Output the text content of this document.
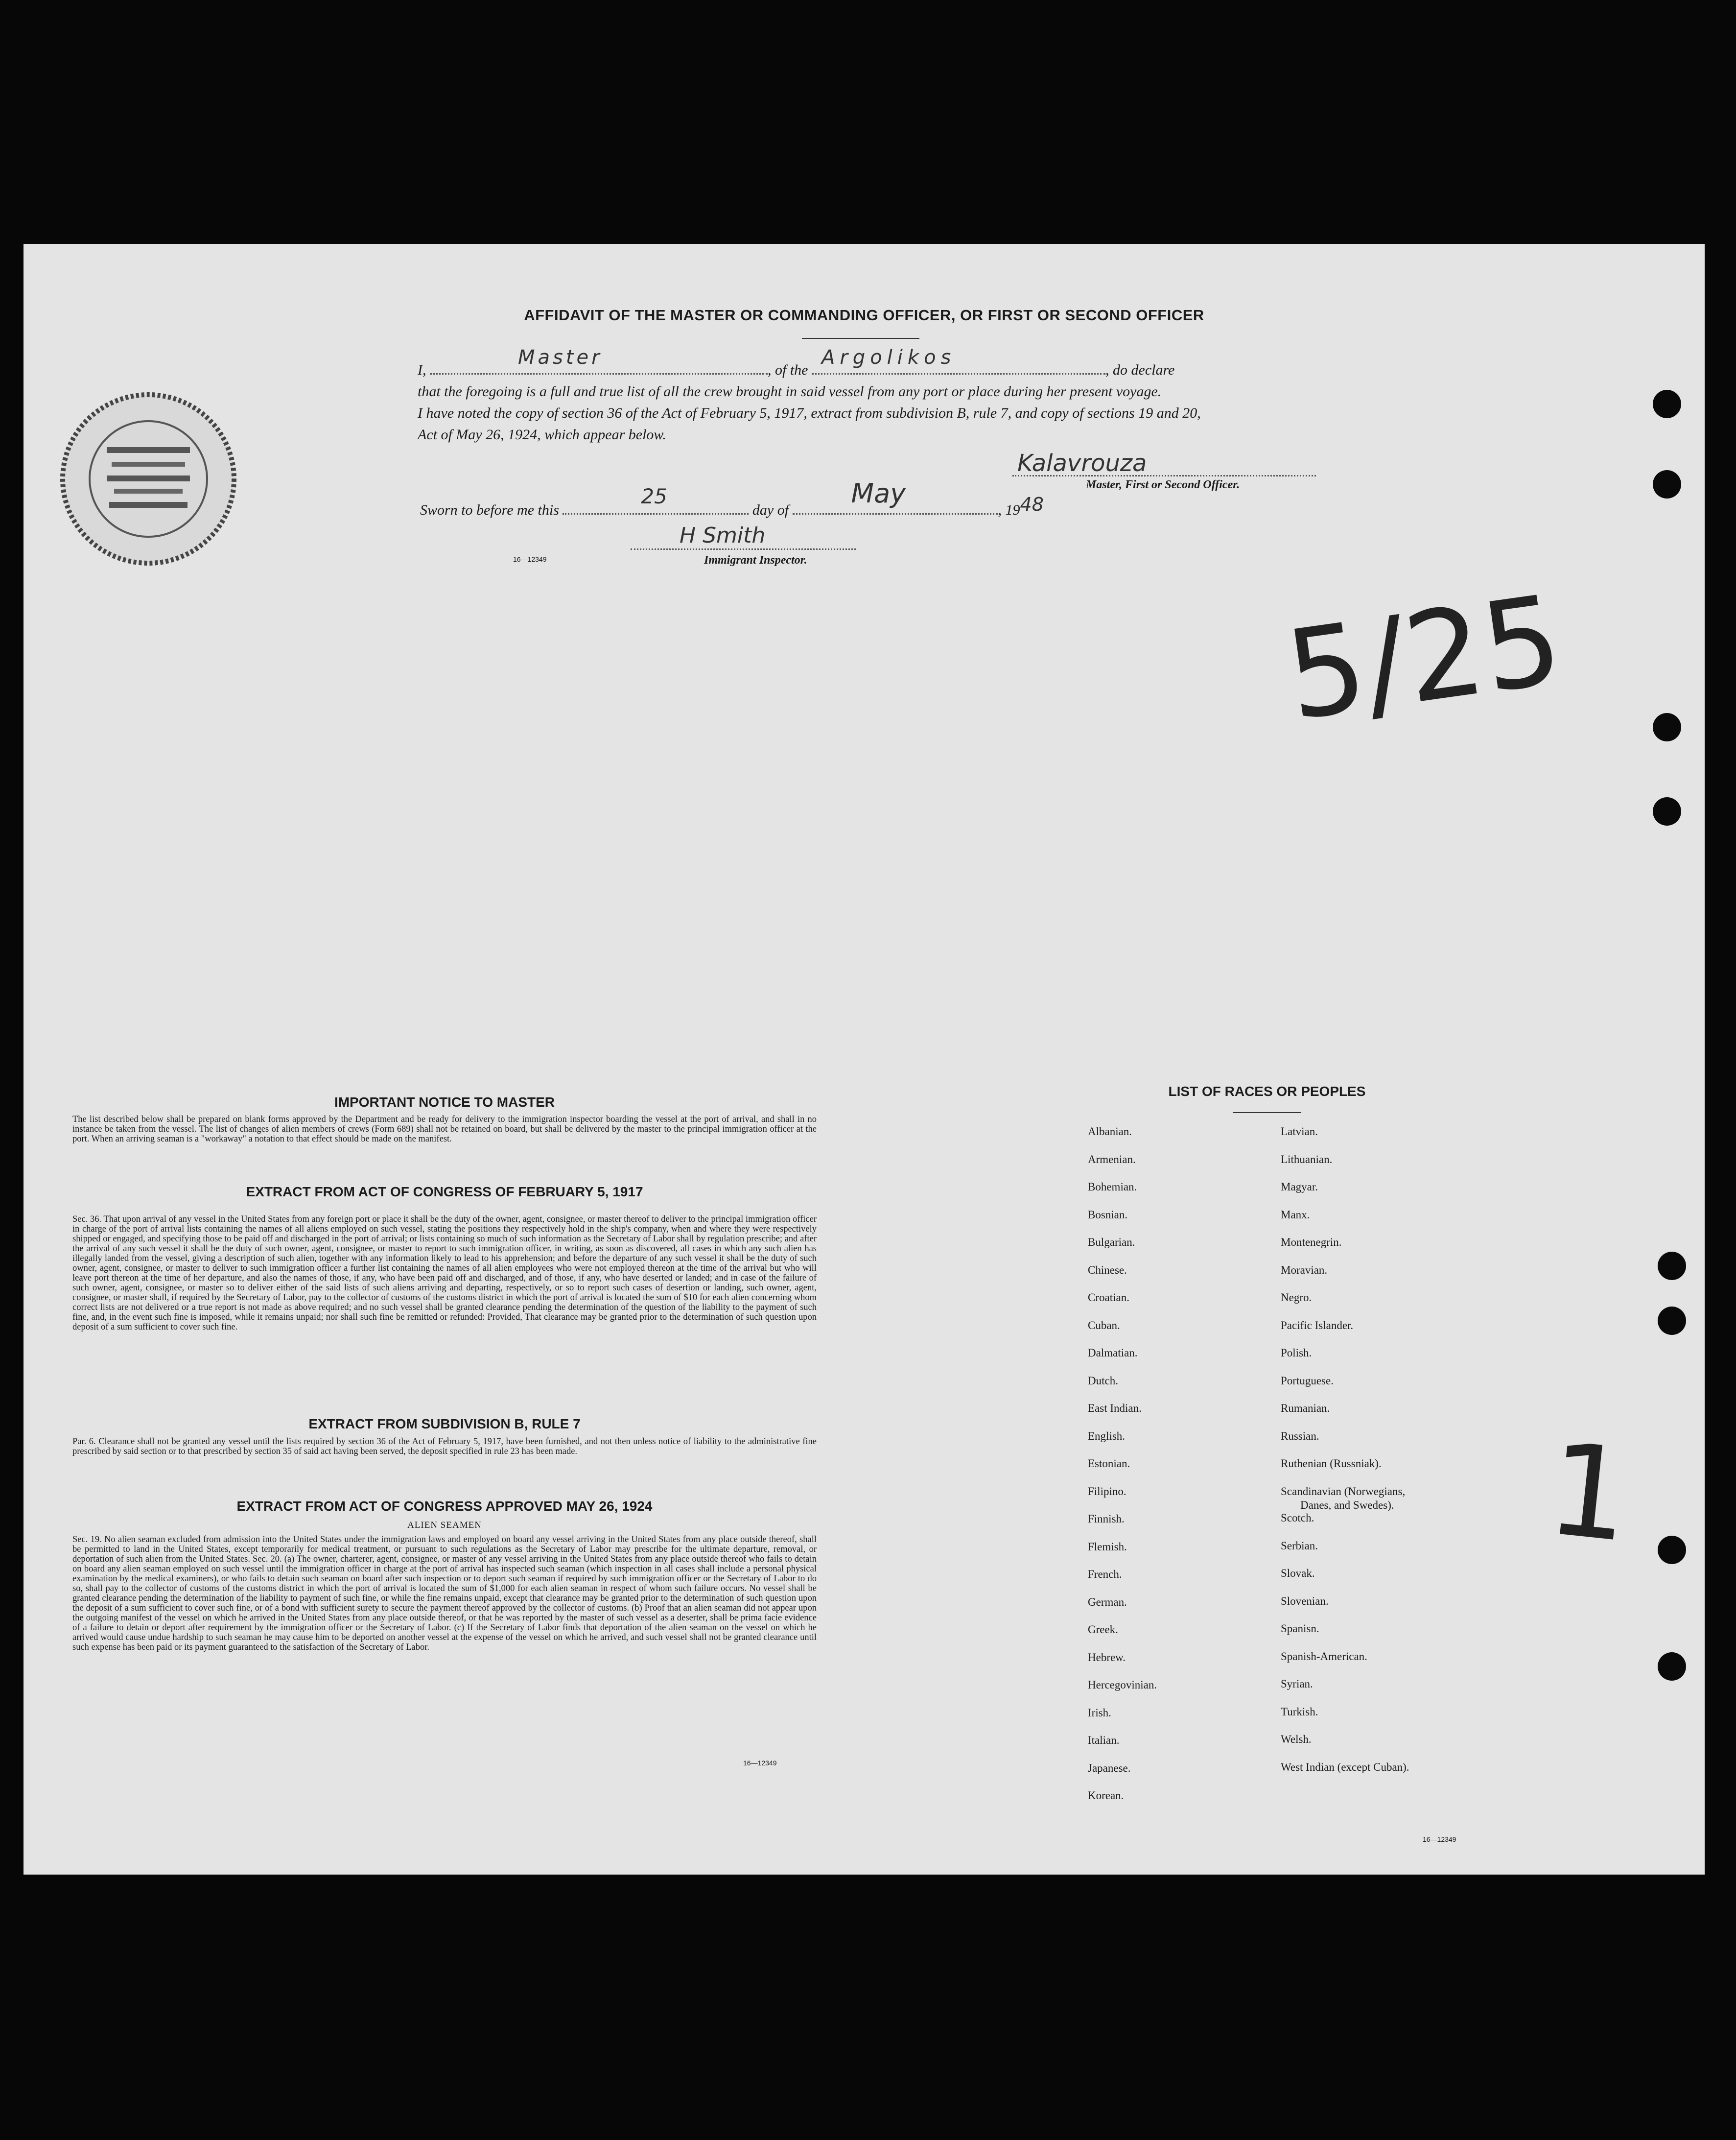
AFFIDAVIT OF THE MASTER OR COMMANDING OFFICER, OR FIRST OR SECOND OFFICER
I,
Master
, of the
Argolikos
, do declare
that the foregoing is a full and true list of all the crew brought in said vessel from any port or place during her present voyage.
I have noted the copy of section 36 of the Act of February 5, 1917, extract from subdivision B, rule 7, and copy of sections 19 and 20,
Act of May 26, 1924, which appear below.
Kalavrouza
Master, First or Second Officer.
Sworn to before me this
25
day of
May
, 1948
H Smith
16—12349	Immigrant Inspector.
5/25
1
IMPORTANT NOTICE TO MASTER
The list described below shall be prepared on blank forms approved by the Department and be ready for delivery to the immigration inspector boarding the vessel at the port of arrival, and shall in no instance be taken from the vessel. The list of changes of alien members of crews (Form 689) shall not be retained on board, but shall be delivered by the master to the principal immigration officer at the port. When an arriving seaman is a "workaway" a notation to that effect should be made on the manifest.
EXTRACT FROM ACT OF CONGRESS OF FEBRUARY 5, 1917
Sec. 36. That upon arrival of any vessel in the United States from any foreign port or place it shall be the duty of the owner, agent, consignee, or master thereof to deliver to the principal immigration officer in charge of the port of arrival lists containing the names of all aliens employed on such vessel, stating the positions they respectively hold in the ship's company, when and where they were respectively shipped or engaged, and specifying those to be paid off and discharged in the port of arrival; or lists containing so much of such information as the Secretary of Labor shall by regulation prescribe; and after the arrival of any such vessel it shall be the duty of such owner, agent, consignee, or master to report to such immigration officer, in writing, as soon as discovered, all cases in which any such alien has illegally landed from the vessel, giving a description of such alien, together with any information likely to lead to his apprehension; and before the departure of any such vessel it shall be the duty of such owner, agent, consignee, or master to deliver to such immigration officer a further list containing the names of all alien employees who were not employed thereon at the time of the arrival but who will leave port thereon at the time of her departure, and also the names of those, if any, who have been paid off and discharged, and of those, if any, who have deserted or landed; and in case of the failure of such owner, agent, consignee, or master so to deliver either of the said lists of such aliens arriving and departing, respectively, or so to report such cases of desertion or landing, such owner, agent, consignee, or master shall, if required by the Secretary of Labor, pay to the collector of customs of the customs district in which the port of arrival is located the sum of $10 for each alien concerning whom correct lists are not delivered or a true report is not made as above required; and no such vessel shall be granted clearance pending the determination of the question of the liability to the payment of such fine, and, in the event such fine is imposed, while it remains unpaid; nor shall such fine be remitted or refunded: Provided, That clearance may be granted prior to the determination of such question upon deposit of a sum sufficient to cover such fine.
EXTRACT FROM SUBDIVISION B, RULE 7
Par. 6. Clearance shall not be granted any vessel until the lists required by section 36 of the Act of February 5, 1917, have been furnished, and not then unless notice of liability to the administrative fine prescribed by said section or to that prescribed by section 35 of said act having been served, the deposit specified in rule 23 has been made.
EXTRACT FROM ACT OF CONGRESS APPROVED MAY 26, 1924
ALIEN SEAMEN
Sec. 19. No alien seaman excluded from admission into the United States under the immigration laws and employed on board any vessel arriving in the United States from any place outside thereof, shall be permitted to land in the United States, except temporarily for medical treatment, or pursuant to such regulations as the Secretary of Labor may prescribe for the ultimate departure, removal, or deportation of such alien from the United States. Sec. 20. (a) The owner, charterer, agent, consignee, or master of any vessel arriving in the United States from any place outside thereof who fails to detain on board any alien seaman employed on such vessel until the immigration officer in charge at the port of arrival has inspected such seaman (which inspection in all cases shall include a personal physical examination by the medical examiners), or who fails to detain such seaman on board after such inspection or to deport such seaman if required by such immigration officer or the Secretary of Labor to do so, shall pay to the collector of customs of the customs district in which the port of arrival is located the sum of $1,000 for each alien seaman in respect of whom such failure occurs. No vessel shall be granted clearance pending the determination of the liability to payment of such fine, or while the fine remains unpaid, except that clearance may be granted prior to the determination of such question upon the deposit of a sum sufficient to cover such fine, or of a bond with sufficient surety to secure the payment thereof approved by the collector of customs. (b) Proof that an alien seaman did not appear upon the outgoing manifest of the vessel on which he arrived in the United States from any place outside thereof, or that he was reported by the master of such vessel as a deserter, shall be prima facie evidence of a failure to detain or deport after requirement by the immigration officer or the Secretary of Labor. (c) If the Secretary of Labor finds that deportation of the alien seaman on the vessel on which he arrived would cause undue hardship to such seaman he may cause him to be deported on another vessel at the expense of the vessel on which he arrived, and such vessel shall not be granted clearance until such expense has been paid or its payment guaranteed to the satisfaction of the Secretary of Labor.
16—12349
LIST OF RACES OR PEOPLES
Albanian.
Armenian.
Bohemian.
Bosnian.
Bulgarian.
Chinese.
Croatian.
Cuban.
Dalmatian.
Dutch.
East Indian.
English.
Estonian.
Filipino.
Finnish.
Flemish.
French.
German.
Greek.
Hebrew.
Hercegovinian.
Irish.
Italian.
Japanese.
Korean.
Latvian.
Lithuanian.
Magyar.
Manx.
Montenegrin.
Moravian.
Negro.
Pacific Islander.
Polish.
Portuguese.
Rumanian.
Russian.
Ruthenian (Russniak).
Scandinavian (Norwegians,
Danes, and Swedes).
Scotch.
Serbian.
Slovak.
Slovenian.
Spanisn.
Spanish-American.
Syrian.
Turkish.
Welsh.
West Indian (except Cuban).
16—12349
